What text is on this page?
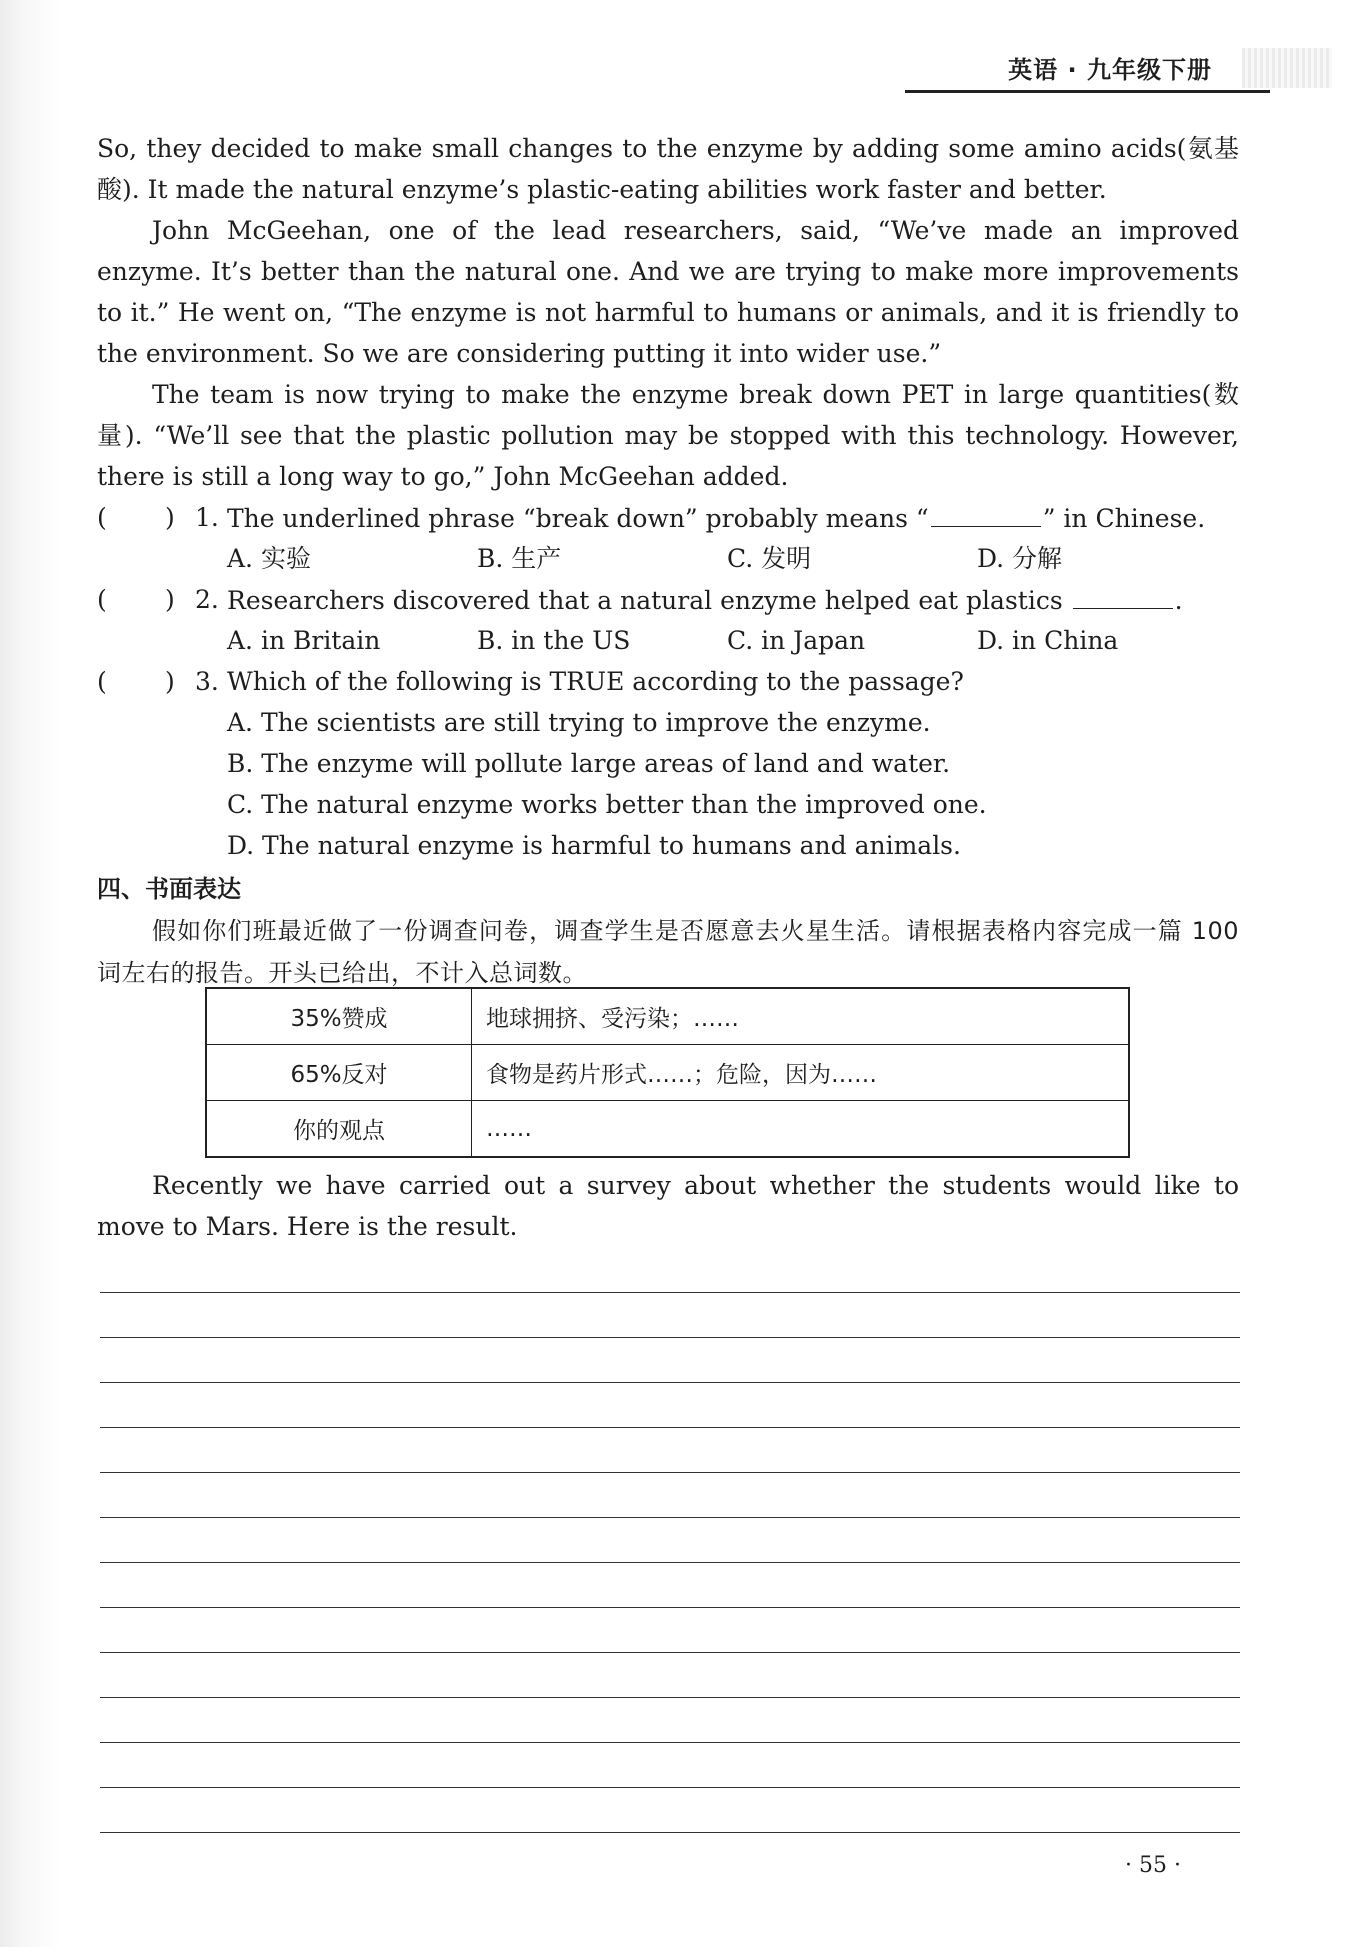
英语 · 九年级下册

So, they decided to make small changes to the enzyme by adding some amino acids(氨基酸). It made the natural enzyme’s plastic-eating abilities work faster and better.

John McGeehan, one of the lead researchers, said, “We’ve made an improved enzyme. It’s better than the natural one. And we are trying to make more improvements to it.” He went on, “The enzyme is not harmful to humans or animals, and it is friendly to the environment. So we are considering putting it into wider use.”

The team is now trying to make the enzyme break down PET in large quantities(数量). “We’ll see that the plastic pollution may be stopped with this technology. However, there is still a long way to go,” John McGeehan added.

( ) 1. The underlined phrase “break down” probably means “	” in Chinese.
A. 实验	B. 生产	C. 发明	D. 分解
( ) 2. Researchers discovered that a natural enzyme helped eat plastics	.
A. in Britain	B. in the US	C. in Japan	D. in China
( ) 3. Which of the following is TRUE according to the passage?
A. The scientists are still trying to improve the enzyme.
B. The enzyme will pollute large areas of land and water.
C. The natural enzyme works better than the improved one.
D. The natural enzyme is harmful to humans and animals.
四、书面表达

假如你们班最近做了一份调查问卷，调查学生是否愿意去火星生活。请根据表格内容完成一篇 100 词左右的报告。开头已给出，不计入总词数。

35%赞成	地球拥挤、受污染；……
65%反对	食物是药片形式……；危险，因为……
你的观点	……

Recently we have carried out a survey about whether the students would like to move to Mars. Here is the result.

· 55 ·
